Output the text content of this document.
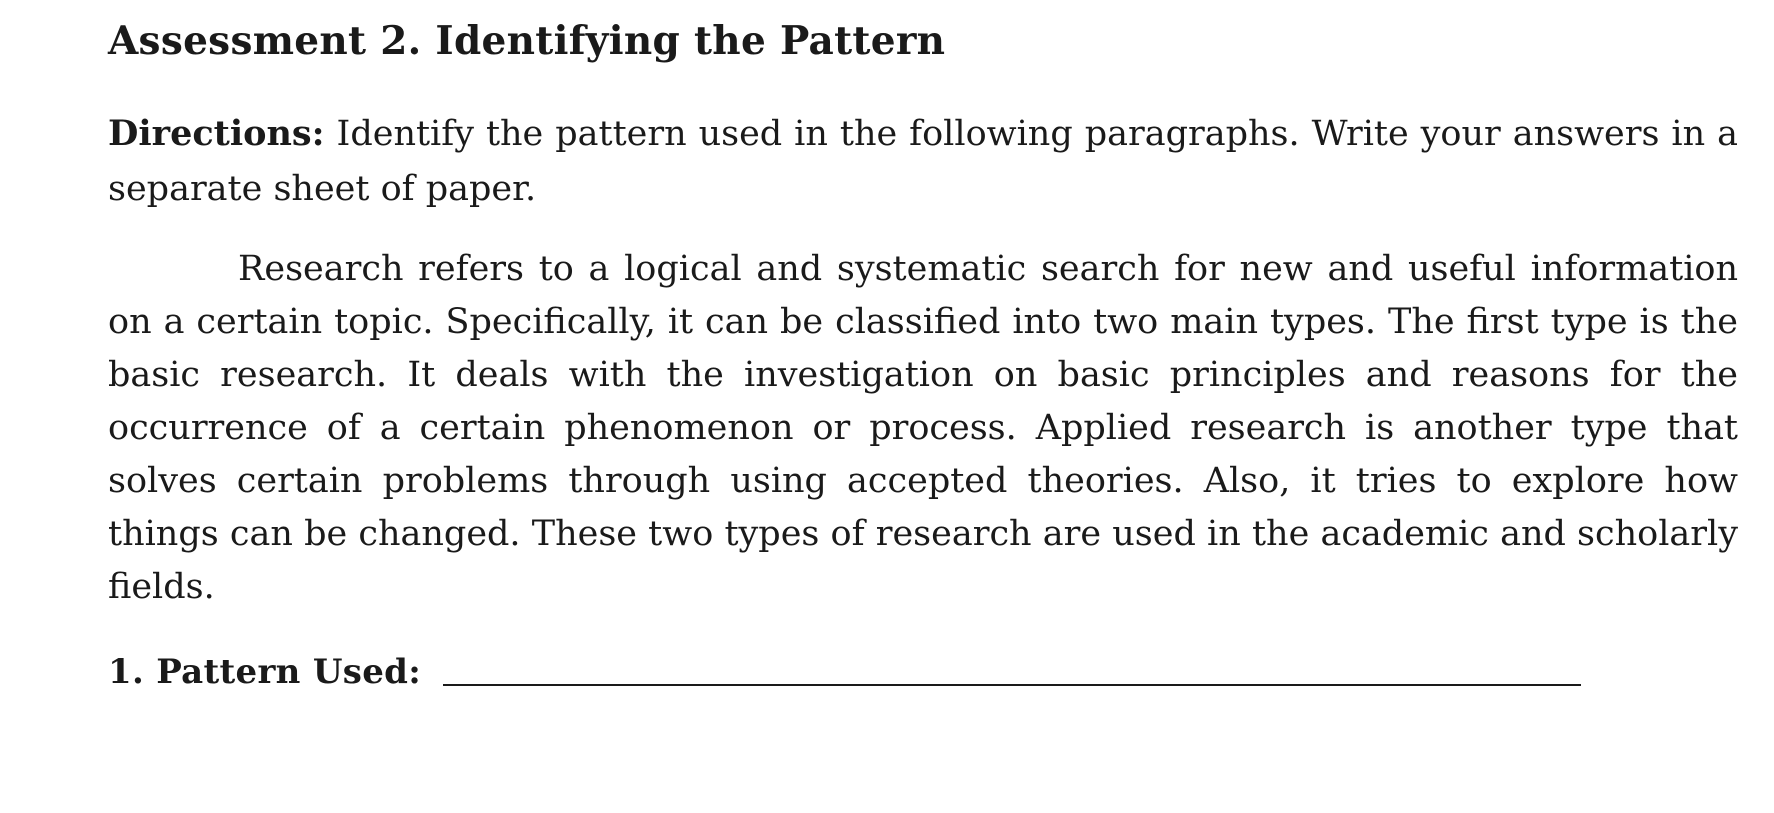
Assessment 2. Identifying the Pattern
Directions: Identify the pattern used in the following paragraphs. Write your answers in a separate sheet of paper.
Research refers to a logical and systematic search for new and useful information on a certain topic. Specifically, it can be classified into two main types. The first type is the basic research. It deals with the investigation on basic principles and reasons for the occurrence of a certain phenomenon or process. Applied research is another type that solves certain problems through using accepted theories. Also, it tries to explore how things can be changed. These two types of research are used in the academic and scholarly fields.
1. Pattern Used:
